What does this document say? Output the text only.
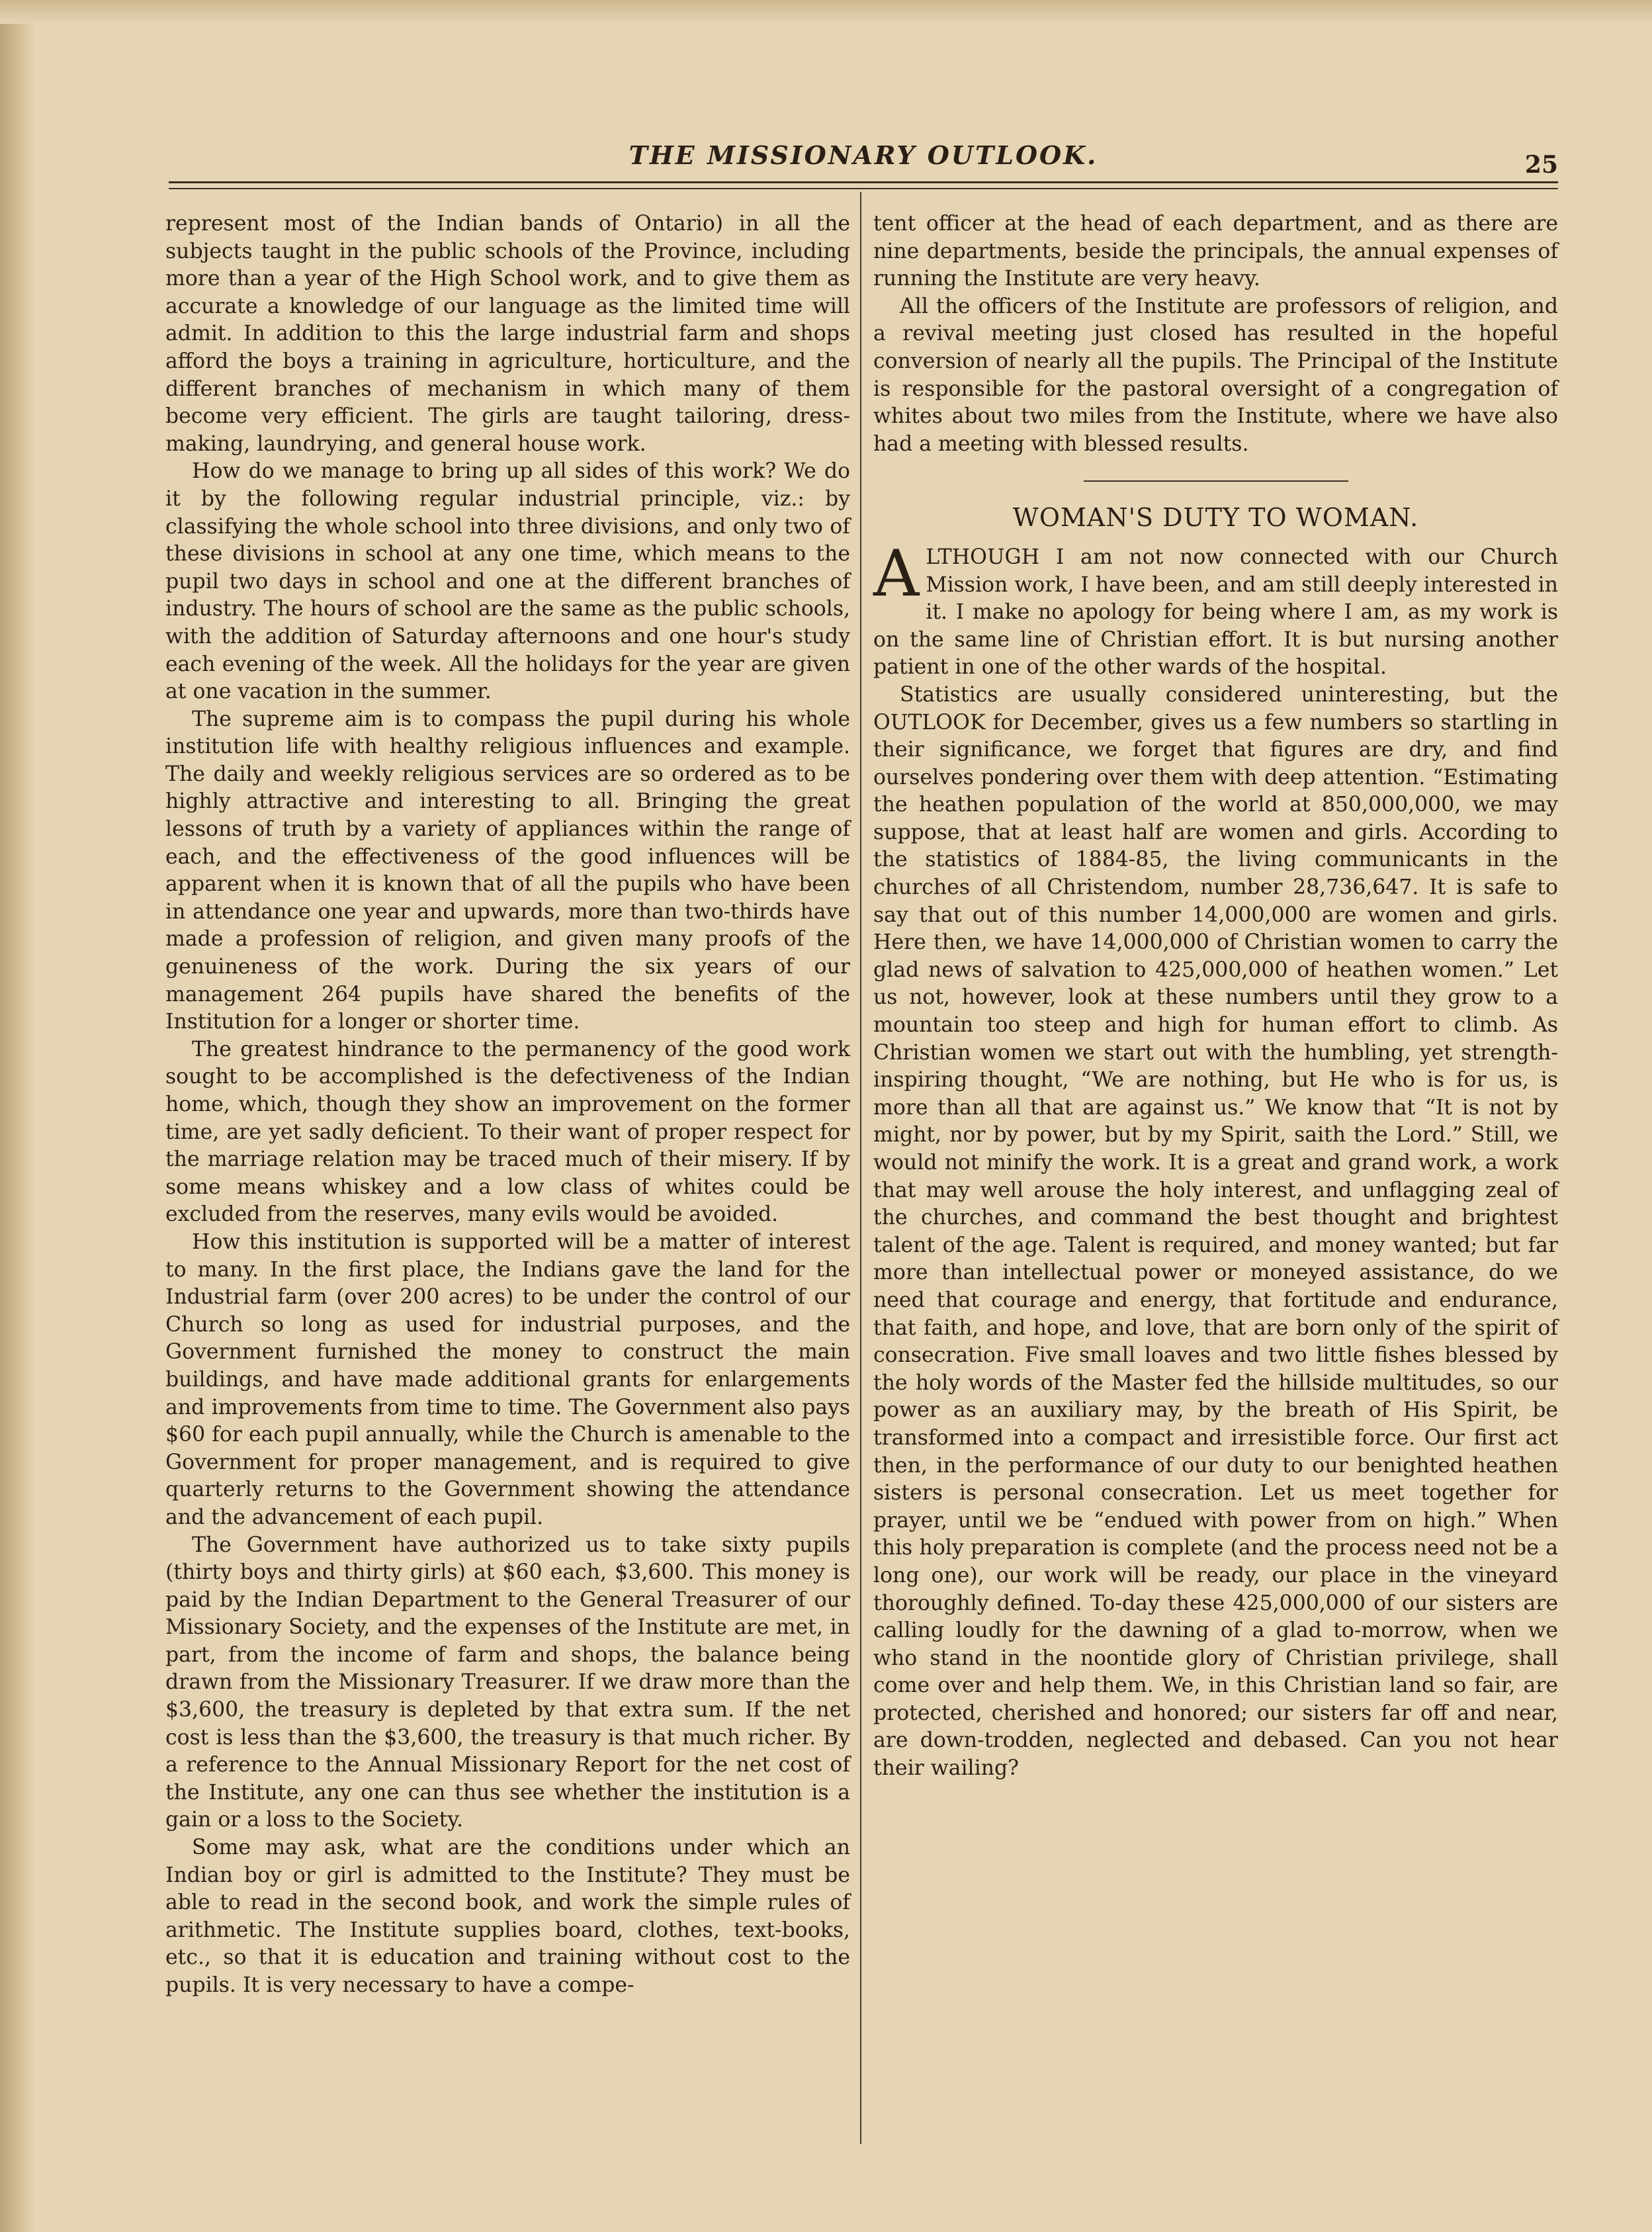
THE MISSIONARY OUTLOOK.	25

represent most of the Indian bands of Ontario) in all the subjects taught in the public schools of the Province, including more than a year of the High School work, and to give them as accurate a knowledge of our language as the limited time will admit. In addition to this the large industrial farm and shops afford the boys a training in agriculture, horticulture, and the different branches of mechanism in which many of them become very efficient. The girls are taught tailoring, dress-making, laundrying, and general house work.

How do we manage to bring up all sides of this work? We do it by the following regular industrial principle, viz.: by classifying the whole school into three divisions, and only two of these divisions in school at any one time, which means to the pupil two days in school and one at the different branches of industry. The hours of school are the same as the public schools, with the addition of Saturday afternoons and one hour's study each evening of the week. All the holidays for the year are given at one vacation in the summer.

The supreme aim is to compass the pupil during his whole institution life with healthy religious influences and example. The daily and weekly religious services are so ordered as to be highly attractive and interesting to all. Bringing the great lessons of truth by a variety of appliances within the range of each, and the effectiveness of the good influences will be apparent when it is known that of all the pupils who have been in attendance one year and upwards, more than two-thirds have made a profession of religion, and given many proofs of the genuineness of the work. During the six years of our management 264 pupils have shared the benefits of the Institution for a longer or shorter time.

The greatest hindrance to the permanency of the good work sought to be accomplished is the defectiveness of the Indian home, which, though they show an improvement on the former time, are yet sadly deficient. To their want of proper respect for the marriage relation may be traced much of their misery. If by some means whiskey and a low class of whites could be excluded from the reserves, many evils would be avoided.

How this institution is supported will be a matter of interest to many. In the first place, the Indians gave the land for the Industrial farm (over 200 acres) to be under the control of our Church so long as used for industrial purposes, and the Government furnished the money to construct the main buildings, and have made additional grants for enlargements and improvements from time to time. The Government also pays $60 for each pupil annually, while the Church is amenable to the Government for proper management, and is required to give quarterly returns to the Government showing the attendance and the advancement of each pupil.

The Government have authorized us to take sixty pupils (thirty boys and thirty girls) at $60 each, $3,600. This money is paid by the Indian Department to the General Treasurer of our Missionary Society, and the expenses of the Institute are met, in part, from the income of farm and shops, the balance being drawn from the Missionary Treasurer. If we draw more than the $3,600, the treasury is depleted by that extra sum. If the net cost is less than the $3,600, the treasury is that much richer. By a reference to the Annual Missionary Report for the net cost of the Institute, any one can thus see whether the institution is a gain or a loss to the Society.

Some may ask, what are the conditions under which an Indian boy or girl is admitted to the Institute? They must be able to read in the second book, and work the simple rules of arithmetic. The Institute supplies board, clothes, text-books, etc., so that it is education and training without cost to the pupils. It is very necessary to have a compe-

tent officer at the head of each department, and as there are nine departments, beside the principals, the annual expenses of running the Institute are very heavy.

All the officers of the Institute are professors of religion, and a revival meeting just closed has resulted in the hopeful conversion of nearly all the pupils. The Principal of the Institute is responsible for the pastoral oversight of a congregation of whites about two miles from the Institute, where we have also had a meeting with blessed results.

WOMAN'S DUTY TO WOMAN.

ALTHOUGH I am not now connected with our Church Mission work, I have been, and am still deeply interested in it. I make no apology for being where I am, as my work is on the same line of Christian effort. It is but nursing another patient in one of the other wards of the hospital.

Statistics are usually considered uninteresting, but the OUTLOOK for December, gives us a few numbers so startling in their significance, we forget that figures are dry, and find ourselves pondering over them with deep attention. “Estimating the heathen population of the world at 850,000,000, we may suppose, that at least half are women and girls. According to the statistics of 1884-85, the living communicants in the churches of all Christendom, number 28,736,647. It is safe to say that out of this number 14,000,000 are women and girls. Here then, we have 14,000,000 of Christian women to carry the glad news of salvation to 425,000,000 of heathen women.” Let us not, however, look at these numbers until they grow to a mountain too steep and high for human effort to climb. As Christian women we start out with the humbling, yet strength-inspiring thought, “We are nothing, but He who is for us, is more than all that are against us.” We know that “It is not by might, nor by power, but by my Spirit, saith the Lord.” Still, we would not minify the work. It is a great and grand work, a work that may well arouse the holy interest, and unflagging zeal of the churches, and command the best thought and brightest talent of the age. Talent is required, and money wanted; but far more than intellectual power or moneyed assistance, do we need that courage and energy, that fortitude and endurance, that faith, and hope, and love, that are born only of the spirit of consecration. Five small loaves and two little fishes blessed by the holy words of the Master fed the hillside multitudes, so our power as an auxiliary may, by the breath of His Spirit, be transformed into a compact and irresistible force. Our first act then, in the performance of our duty to our benighted heathen sisters is personal consecration. Let us meet together for prayer, until we be “endued with power from on high.” When this holy preparation is complete (and the process need not be a long one), our work will be ready, our place in the vineyard thoroughly defined. To-day these 425,000,000 of our sisters are calling loudly for the dawning of a glad to-morrow, when we who stand in the noontide glory of Christian privilege, shall come over and help them. We, in this Christian land so fair, are protected, cherished and honored; our sisters far off and near, are down-trodden, neglected and debased. Can you not hear their wailing?
